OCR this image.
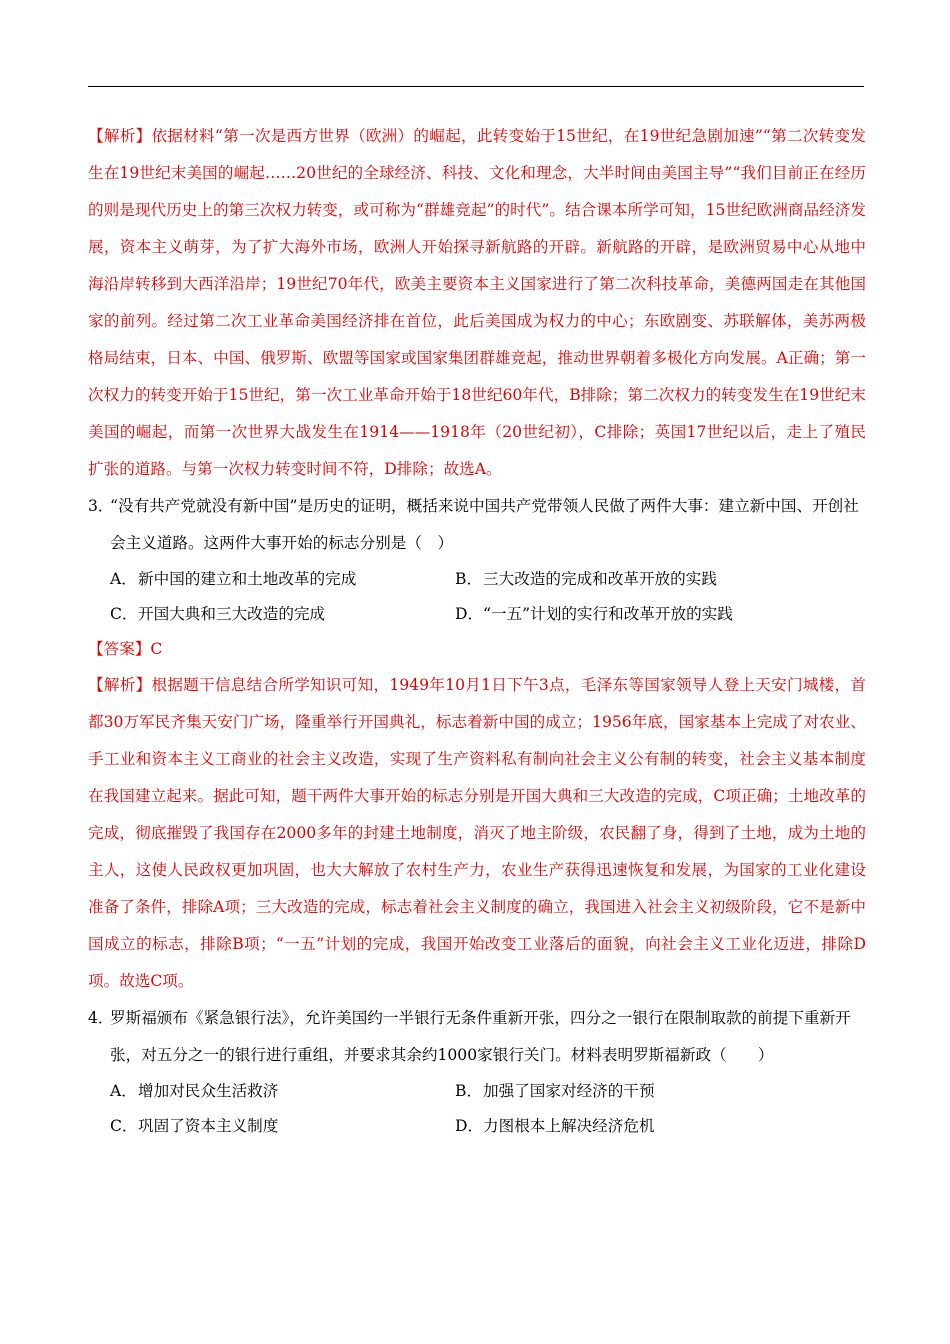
【解析】依据材料“第一次是西方世界（欧洲）的崛起，此转变始于15世纪，在19世纪急剧加速”“第二次转变发生在19世纪末美国的崛起……20世纪的全球经济、科技、文化和理念，大半时间由美国主导”“我们目前正在经历的则是现代历史上的第三次权力转变，或可称为“群雄竞起”的时代”。结合课本所学可知，15世纪欧洲商品经济发展，资本主义萌芽，为了扩大海外市场，欧洲人开始探寻新航路的开辟。新航路的开辟，是欧洲贸易中心从地中海沿岸转移到大西洋沿岸；19世纪70年代，欧美主要资本主义国家进行了第二次科技革命，美德两国走在其他国家的前列。经过第二次工业革命美国经济排在首位，此后美国成为权力的中心；东欧剧变、苏联解体，美苏两极格局结束，日本、中国、俄罗斯、欧盟等国家或国家集团群雄竞起，推动世界朝着多极化方向发展。A正确；第一次权力的转变开始于15世纪，第一次工业革命开始于18世纪60年代，B排除；第二次权力的转变发生在19世纪末美国的崛起，而第一次世界大战发生在1914——1918年（20世纪初），C排除；英国17世纪以后，走上了殖民扩张的道路。与第一次权力转变时间不符，D排除；故选A。

3．
“没有共产党就没有新中国”是历史的证明，概括来说中国共产党带领人民做了两件大事：建立新中国、开创社会主义道路。这两件大事开始的标志分别是（　）
A． 新中国的建立和土地改革的完成	B． 三大改造的完成和改革开放的实践
C． 开国大典和三大改造的完成	D． “一五”计划的实行和改革开放的实践
【答案】C

【解析】根据题干信息结合所学知识可知，1949年10月1日下午3点，毛泽东等国家领导人登上天安门城楼，首都30万军民齐集天安门广场，隆重举行开国典礼，标志着新中国的成立；1956年底，国家基本上完成了对农业、手工业和资本主义工商业的社会主义改造，实现了生产资料私有制向社会主义公有制的转变，社会主义基本制度在我国建立起来。据此可知，题干两件大事开始的标志分别是开国大典和三大改造的完成，C项正确；土地改革的完成，彻底摧毁了我国存在2000多年的封建土地制度，消灭了地主阶级，农民翻了身，得到了土地，成为土地的主人，这使人民政权更加巩固，也大大解放了农村生产力，农业生产获得迅速恢复和发展，为国家的工业化建设准备了条件，排除A项；三大改造的完成，标志着社会主义制度的确立，我国进入社会主义初级阶段，它不是新中国成立的标志，排除B项；“一五”计划的完成，我国开始改变工业落后的面貌，向社会主义工业化迈进，排除D项。故选C项。

4．
罗斯福颁布《紧急银行法》，允许美国约一半银行无条件重新开张，四分之一银行在限制取款的前提下重新开张，对五分之一的银行进行重组，并要求其余约1000家银行关门。材料表明罗斯福新政（　　）
A． 增加对民众生活救济	B． 加强了国家对经济的干预
C． 巩固了资本主义制度	D． 力图根本上解决经济危机
